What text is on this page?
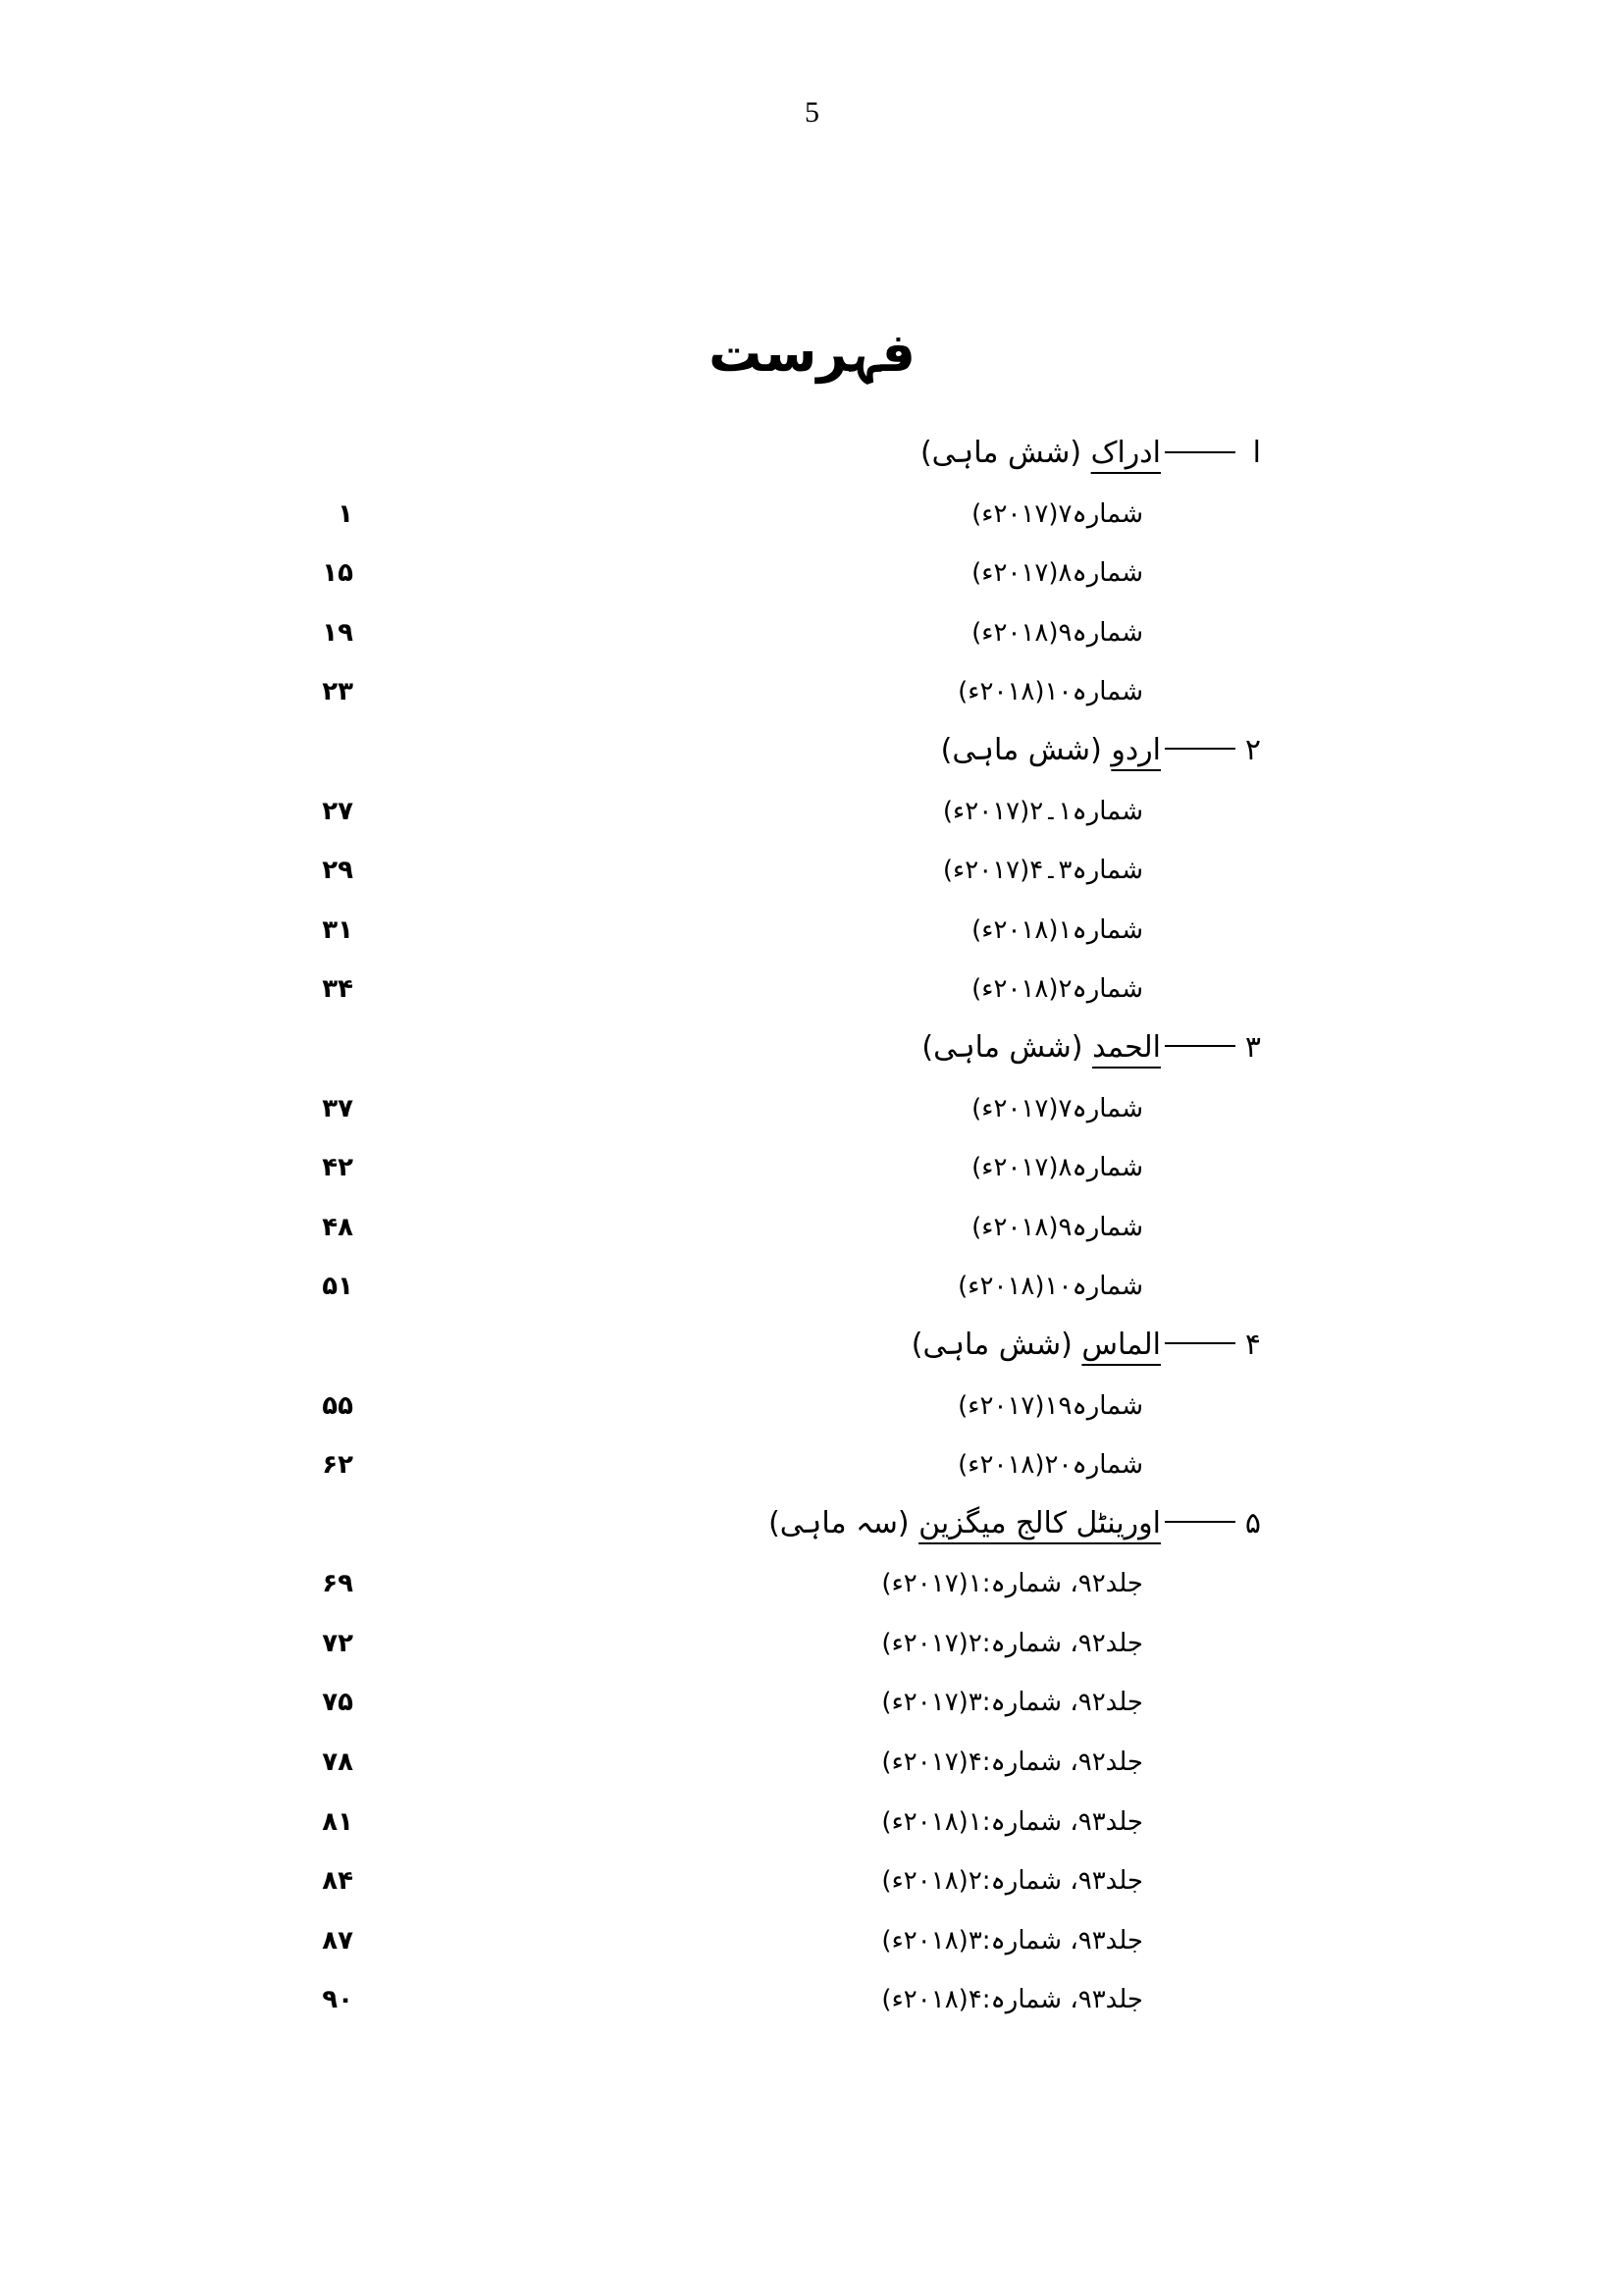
5
فہرست
اادراک (شش ماہی)
شمارہ۷(۲۰۱۷ء)
۱
شمارہ۸(۲۰۱۷ء)
۱۵
شمارہ۹(۲۰۱۸ء)
۱۹
شمارہ۱۰(۲۰۱۸ء)
۲۳
۲اردو (شش ماہی)
شمارہ۱۔۲(۲۰۱۷ء)
۲۷
شمارہ۳۔۴(۲۰۱۷ء)
۲۹
شمارہ۱(۲۰۱۸ء)
۳۱
شمارہ۲(۲۰۱۸ء)
۳۴
۳الحمد (شش ماہی)
شمارہ۷(۲۰۱۷ء)
۳۷
شمارہ۸(۲۰۱۷ء)
۴۲
شمارہ۹(۲۰۱۸ء)
۴۸
شمارہ۱۰(۲۰۱۸ء)
۵۱
۴الماس (شش ماہی)
شمارہ۱۹(۲۰۱۷ء)
۵۵
شمارہ۲۰(۲۰۱۸ء)
۶۲
۵اورینٹل کالج میگزین (سہ ماہی)
جلد۹۲، شمارہ:۱(۲۰۱۷ء)
۶۹
جلد۹۲، شمارہ:۲(۲۰۱۷ء)
۷۲
جلد۹۲، شمارہ:۳(۲۰۱۷ء)
۷۵
جلد۹۲، شمارہ:۴(۲۰۱۷ء)
۷۸
جلد۹۳، شمارہ:۱(۲۰۱۸ء)
۸۱
جلد۹۳، شمارہ:۲(۲۰۱۸ء)
۸۴
جلد۹۳، شمارہ:۳(۲۰۱۸ء)
۸۷
جلد۹۳، شمارہ:۴(۲۰۱۸ء)
۹۰
